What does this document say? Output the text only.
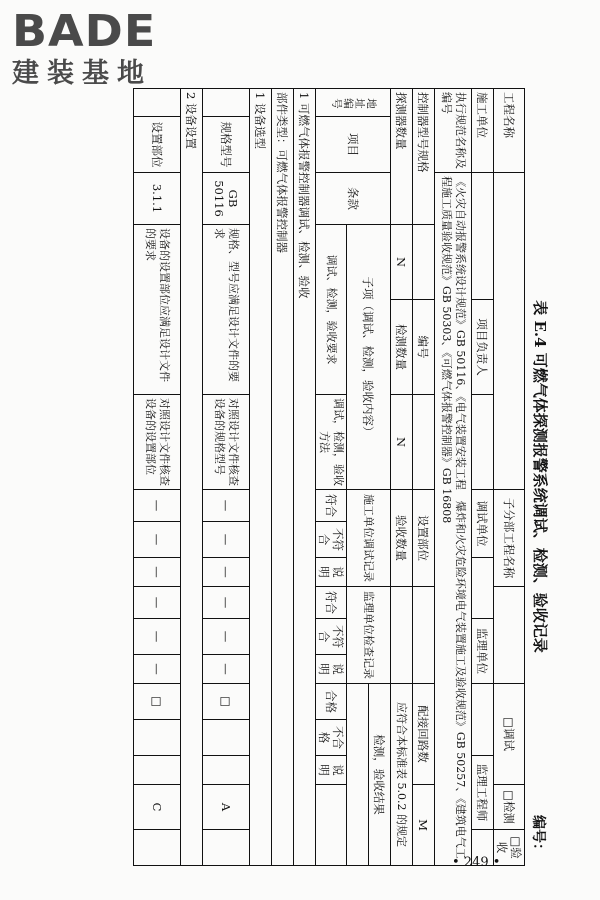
BADE
建装基地
表 E.4 可燃气体探测报警系统调试、检测、验收记录
编号：
工程名称						子分部工程名称						□调试			□检测	□验收
施工单位				项目负责人		调试单位				监理单位				监理工程师		
执行规范名称及编号		《火灾自动报警系统设计规范》GB 50116、《电气装置安装工程　爆炸和火灾危险环境电气装置施工及验收规范》GB 50257、《建筑电气工程施工质量验收规范》GB 50303、《可燃气体报警控制器》GB 16808														
控制器型号规格				编号		设置部位						配接回路数			M	
探测器数量			N	检测数量	N	验收数量						应符合本标准表 5.0.2 的规定				
地址编号	项目	条款	子项（调试、检测，验收内容）			施工单位调试记录			监理单位检查记录			检测，验收结果				

			调试、检测，验收要求		调试，检测，验收方法	符合	不符合	说明	符合	不符合	说明	合格	不合格	说明		
1 可燃气体报警控制器调试、检测、验收																
部件类型：可燃气体报警控制器																
1 设备选型																
	规格型号	GB 50116	规格、型号应满足设计文件的要求		对照设计文件核查设备的规格型号	—	—	—	—	—	—	□			A	
2 设备设置																
	设置部位	3.1.1	设备的设置部位应满足设计文件的要求		对照设计文件核查设备的设置部位	—	—	—	—	—	—	□			C	
• 249 •
